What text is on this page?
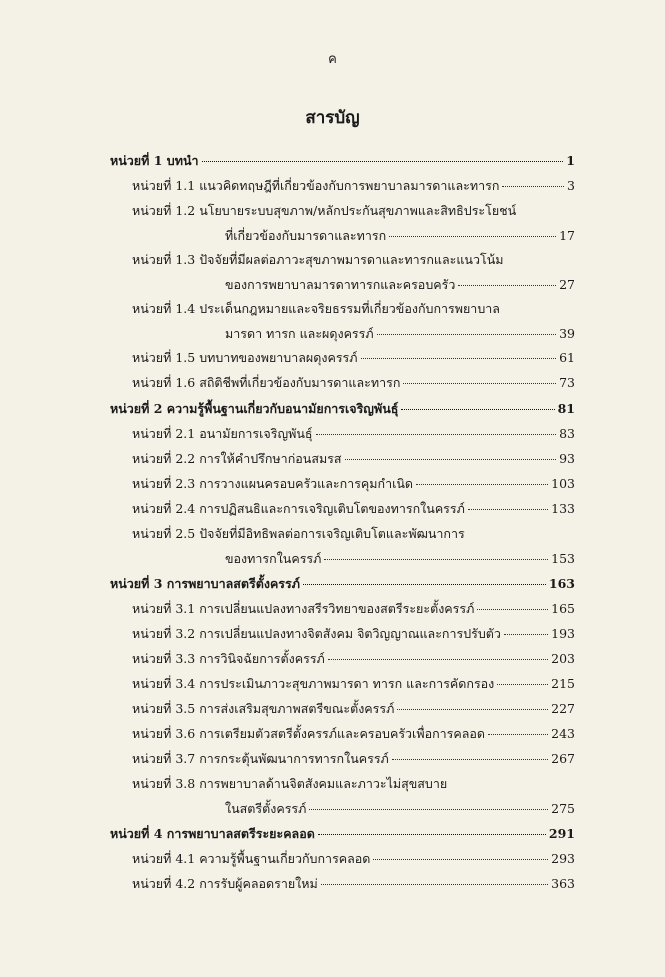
ค
สารบัญ
หน่วยที่ 1 บทนำ	1
หน่วยที่ 1.1 แนวคิดทฤษฎีที่เกี่ยวข้องกับการพยาบาลมารดาและทารก	3
หน่วยที่ 1.2 นโยบายระบบสุขภาพ/หลักประกันสุขภาพและสิทธิประโยชน์
ที่เกี่ยวข้องกับมารดาและทารก	17
หน่วยที่ 1.3 ปัจจัยที่มีผลต่อภาวะสุขภาพมารดาและทารกและแนวโน้ม
ของการพยาบาลมารดาทารกและครอบครัว	27
หน่วยที่ 1.4 ประเด็นกฎหมายและจริยธรรมที่เกี่ยวข้องกับการพยาบาล
มารดา ทารก และผดุงครรภ์	39
หน่วยที่ 1.5 บทบาทของพยาบาลผดุงครรภ์	61
หน่วยที่ 1.6 สถิติชีพที่เกี่ยวข้องกับมารดาและทารก	73
หน่วยที่ 2 ความรู้พื้นฐานเกี่ยวกับอนามัยการเจริญพันธุ์	81
หน่วยที่ 2.1 อนามัยการเจริญพันธุ์	83
หน่วยที่ 2.2 การให้คำปรึกษาก่อนสมรส	93
หน่วยที่ 2.3 การวางแผนครอบครัวและการคุมกำเนิด	103
หน่วยที่ 2.4 การปฏิสนธิและการเจริญเติบโตของทารกในครรภ์	133
หน่วยที่ 2.5 ปัจจัยที่มีอิทธิพลต่อการเจริญเติบโตและพัฒนาการ
ของทารกในครรภ์	153
หน่วยที่ 3 การพยาบาลสตรีตั้งครรภ์	163
หน่วยที่ 3.1 การเปลี่ยนแปลงทางสรีรวิทยาของสตรีระยะตั้งครรภ์	165
หน่วยที่ 3.2 การเปลี่ยนแปลงทางจิตสังคม จิตวิญญาณและการปรับตัว	193
หน่วยที่ 3.3 การวินิจฉัยการตั้งครรภ์	203
หน่วยที่ 3.4 การประเมินภาวะสุขภาพมารดา ทารก และการคัดกรอง	215
หน่วยที่ 3.5 การส่งเสริมสุขภาพสตรีขณะตั้งครรภ์	227
หน่วยที่ 3.6 การเตรียมตัวสตรีตั้งครรภ์และครอบครัวเพื่อการคลอด	243
หน่วยที่ 3.7 การกระตุ้นพัฒนาการทารกในครรภ์	267
หน่วยที่ 3.8 การพยาบาลด้านจิตสังคมและภาวะไม่สุขสบาย
ในสตรีตั้งครรภ์	275
หน่วยที่ 4 การพยาบาลสตรีระยะคลอด	291
หน่วยที่ 4.1 ความรู้พื้นฐานเกี่ยวกับการคลอด	293
หน่วยที่ 4.2 การรับผู้คลอดรายใหม่	363
